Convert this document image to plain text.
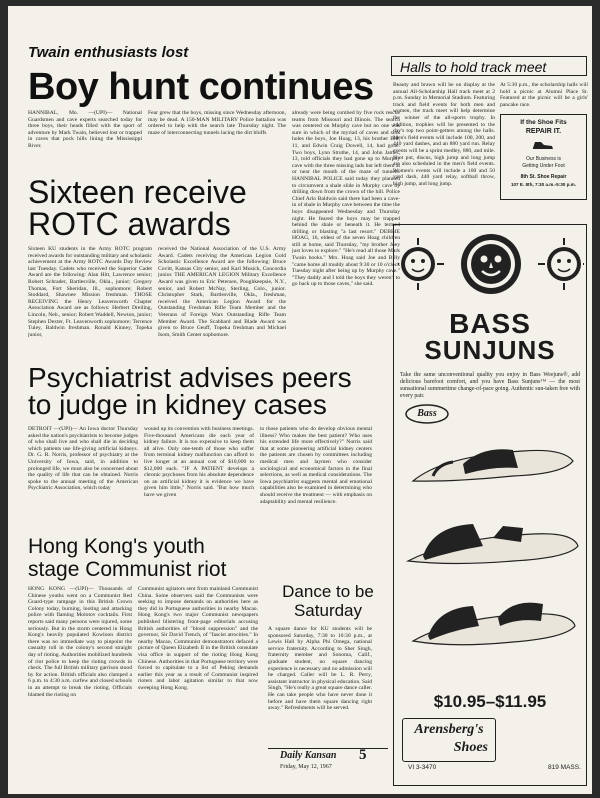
Twain enthusiasts lost
Boy hunt continues
HANNIBAL, Mo. —(UPI)— National Guardsmen and cave experts searched today for three boys, their heads filled with the sport of adventure by Mark Twain, believed lost or trapped in caves that pock hills lining the Mississippi River.
Fear grew that the boys, missing since Wednesday afternoon, may be dead. A 150-MAN MILITARY Police battalion was ordered to help with the search late Thursday night. The maze of interconnecting tunnels lacing the dirt bluffs
already were being combed by five rock rescue teams from Missouri and Illinois. The search was centered on Murphy cave but no one was sure in which of the myriad of caves and sink holes the boys, Joe Hoag, 13, his brother Bill, 11, and Edwin Craig Dowell, 14, had gone. Two boys, Lynn Struthe, 14, and John James, 13, told officials they had gone up to Murphy cave with the three missing lads but left them at or near the mouth of the maze of tunnels. HANNIBAL POLICE said today they planned to circumvent a shale slide in Murphy cave by drilling down from the crown of the hill. Police Chief Arlo Baldwin said there had been a cave-in of shale in Murphy cave between the time the boys disappeared Wednesday and Thursday night. He feared the boys may be trapped behind the shale or beneath it. He termed drilling or blasting "a last resort." DEBBIE HOAG, 16, eldest of the seven Hoag children still at home, said Thursday, "my brother Joey just loves to explore." "He's read all those Mark Twain books." Mrs. Hoag said Joe and Billy "came home all muddy about 9:30 or 10 o'clock Tuesday night after being up by Murphy cave." "They daddy and I told the boys they weren't to go back up to those caves," she said.
Sixteen receive
ROTC awards
Sixteen KU students in the Army ROTC program received awards for outstanding military and scholastic achievement at the Army ROTC Awards Day Review last Tuesday. Cadets who received the Superior Cadet Award are the following: Alan Hitt, Lawrence senior; Robert Schrader, Bartlesville, Okla., junior; Gregory Thomas, Fort Sheridan, Ill., sophomore; Robert Stoddard, Shawnee Mission freshman. THOSE RECEIVING the Henry Leavenworth Chapter Association Award are as follows: Herbert Dreiling, Lincoln, Neb., senior; Robert Waddell, Newton, junior; Stephen Dexter, Ft. Leavenworth sophomore; Terrence Tuley, Baldwin freshman. Ronald Kinney, Topeka junior,
received the National Association of the U.S. Army Award. Cadets receiving the American Legion Gold Scholastic Excellence Award are the following: Bruce Covitt, Kansas City senior, and Karl Musick, Concordia junior. THE AMERICAN LEGION Military Excellence Award was given to Eric Petersen, Poughkeepsie, N.Y., senior, and Robert McNay, Sterling, Colo., junior. Christopher Stark, Bartlesville, Okla., freshman, received the American Legion Award for the Outstanding Freshman Rifle Team Member and the Veterans of Foreign Wars Outstanding Rifle Team Member Award. The Scabbard and Blade Award was given to Bruce Geuff, Topeka freshman and Michael Isom, Smith Center sophomore.
Psychiatrist advises peers
to judge in kidney cases
DETROIT —(UPI)— An Iowa doctor Thursday asked the nation's psychiatrists to become judges of who shall live and who shall die in deciding which patients use life-giving artificial kidneys. Dr. G. R. Norris, professor of psychiatry at the University of Iowa, said, in addition to prolonged life, we must also be concerned about the quality of life that can be obtained. Norris spoke to the annual meeting of the American Psychiatric Association, which today
wound up its convention with business meetings. Five-thousand Americans die each year of kidney failure. It is too expensive to keep them all alive. Only one-tenth of those who suffer from terminal kidney malfunction can afford to live longer at an annual cost of $10,000 to $12,000 each. "IF A PATIENT develops a chronic psychoses from his absolute dependence on an artificial kidney it is evidence we have given him little," Norris said. "But how much have we given
to those patients who do develop obvious mental illness? Who makes the best patient? Who uses his extended life more effectively?" Norris said that at some pioneering artificial kidney centers the patients are chosen by committees including medical men and laymen who consider sociological and economical factors in the final selections, as well as medical considerations. The Iowa psychiatrist suggests mental and emotional capabilities also be examined in determining who should receive the treatment — with emphasis on adaptability and mental resilience.
Hong Kong's youth
stage Communist riot
HONG KONG —(UPI)— Thousands of Chinese youths went on a Communist Red Guard-type rampage in this British Crown Colony today, burning, looting and attacking police with flaming Molotov cocktails. First reports said many persons were injured, some seriously. But in the storm centered in Hong Kong's heavily populated Kowloon district there was no immediate way to pinpoint the casualty toll in the colony's second straight day of rioting. Authorities mobilized hundreds of riot police to keep the rioting crowds in check. The full British military garrison stood by for action. British officials also clamped a 6 p.m. to 4:30 a.m. curfew and closed schools in an attempt to break the rioting. Officials blamed the rioting on
Communist agitators sent from mainland Communist China. Some observers said the Communists were seeking to impose demands on authorities here as they did in Portuguese authorities in nearby Macao. Hong Kong's two major Communist newspapers published blistering front-page editorials accusing British authorities of "blood suppression" and the governor, Sir David Trench, of "fascist atrocities." In nearby Macao, Communist demonstrators defaced a picture of Queen Elizabeth II in the British consulate visa office in support of the rioting Hong Kong Chinese. Authorities in that Portuguese territory were forced to capitulate to a list of Peking demands earlier this year as a result of Communist inspired rioters and labor agitation similar to that now sweeping Hong Kong.
Dance to be
Saturday
A square dance for KU students will be sponsored Saturday, 7:30 to 10:30 p.m., at Lewis Hall by Alpha Phi Omega, national service fraternity. According to Sher Singh, fraternity member and Sonoma, Calif., graduate student, no square dancing experience is necessary and no admission will be charged. Caller will be L. R. Perry, assistant instructor in physical education. Said Singh, "He's really a great square dance caller. He can take people who have never done it before and have them square dancing right away." Refreshments will be served.
Daily Kansan
Friday, May 12, 1967
5
Halls to hold track meet
Beauty and brawn will be on display at the annual All-Scholarship Hall track meet at 2 p.m. Sunday in Memorial Stadium. Featuring track and field events for both men and women, the track meet will help determine the winner of the all-sports trophy. In addition, trophies will be presented to the day's top two point-getters among the halls. Men's field events will include 100, 200, and 440 yard dashes, and an 880 yard run. Relay events will be a sprint medley, 880, and mile. Shot put, discus, high jump and long jump are also scheduled in the men's field events. Women's events will include a 100 and 50 yard dash, 440 yard relay, softball throw, high jump, and long jump.
At 5:30 p.m., the scholarship halls will hold a picnic at Alumni Place St. Featured at the picnic will be a girls' pancake race.
If the Shoe Fits
REPAIR IT.
Our Business is
Getting Under Foot
8th St. Shoe Repair
107 E. 8th, 7:30 a.m.-5:30 p.m.
BASS
SUNJUNS
Take the same unconventional quality you enjoy in Bass Weejuns®, add delicious barefoot comfort, and you have Bass Sunjuns™ — the most sunsational summertime change-of-pace going. Authentic sun-taken free with every pair.
Bass
$10.95–$11.95
Arensberg's
Shoes
VI 3-3470	819 MASS.
